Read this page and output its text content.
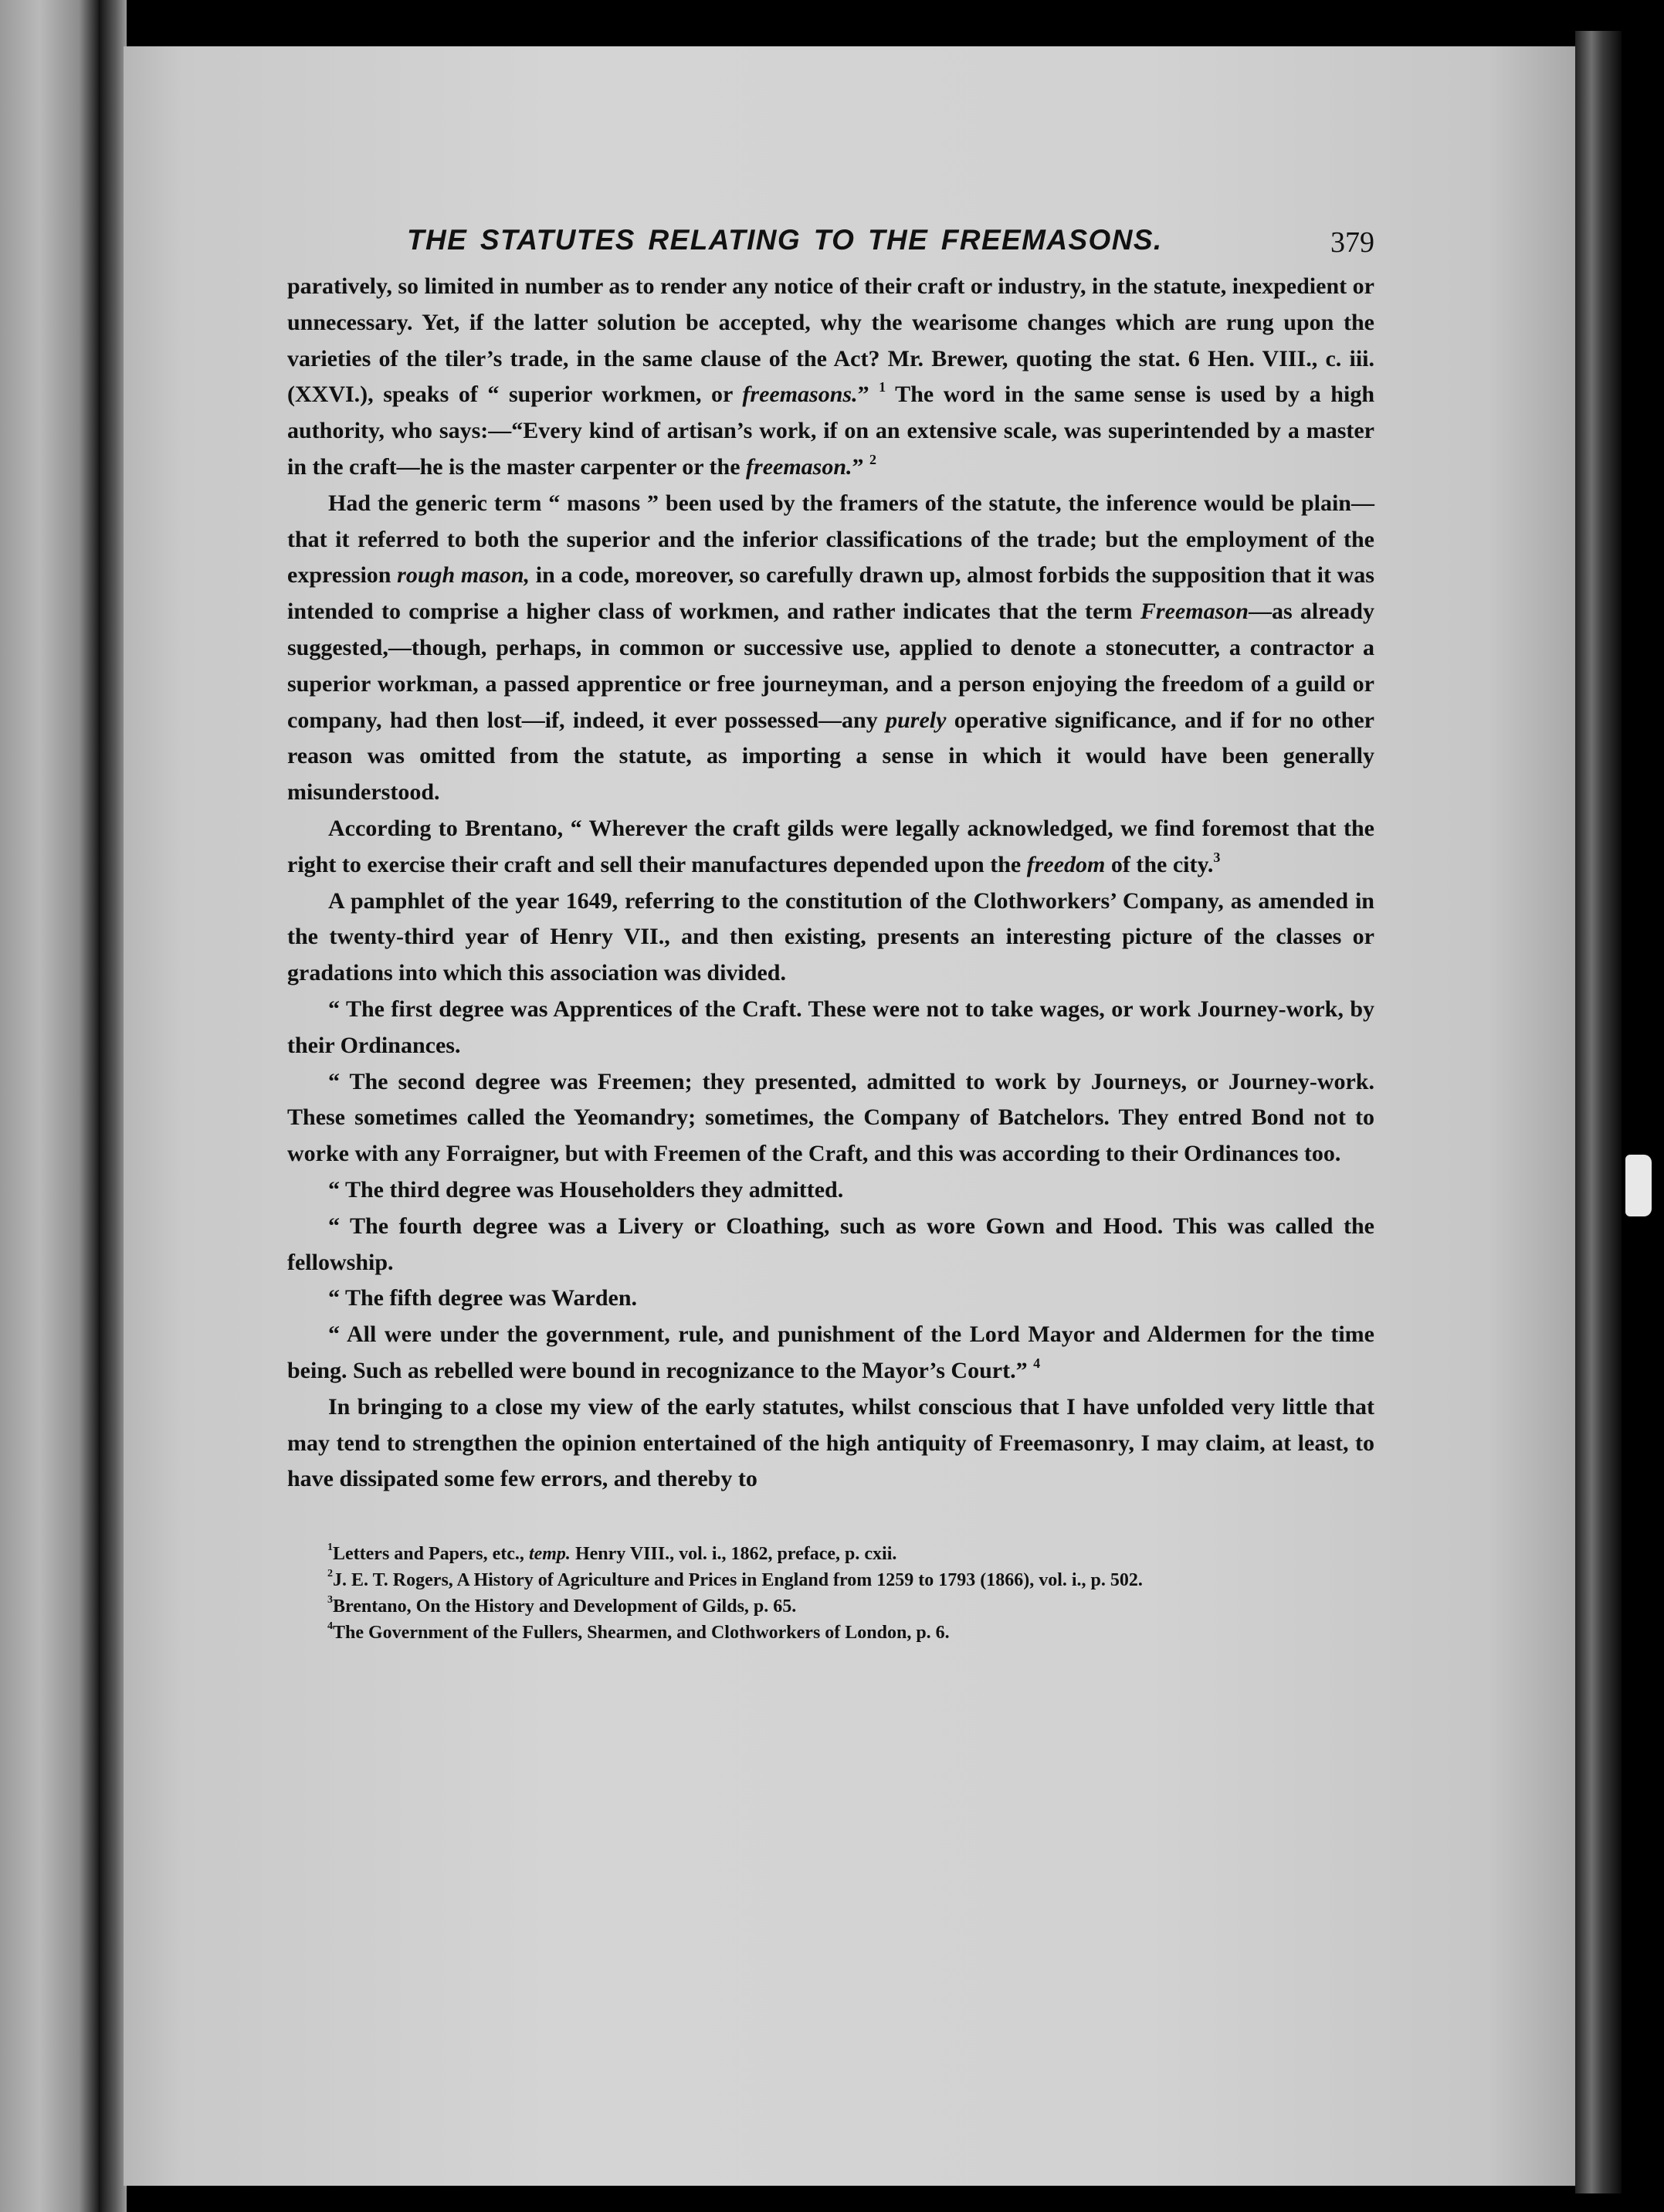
THE STATUTES RELATING TO THE FREEMASONS.	379

paratively, so limited in number as to render any notice of their craft or industry, in the statute, inexpedient or unnecessary. Yet, if the latter solution be accepted, why the wearisome changes which are rung upon the varieties of the tiler’s trade, in the same clause of the Act? Mr. Brewer, quoting the stat. 6 Hen. VIII., c. iii. (XXVI.), speaks of “ superior workmen, or freemasons.” $^1$ The word in the same sense is used by a high authority, who says:—“Every kind of artisan’s work, if on an extensive scale, was superintended by a master in the craft—he is the master carpenter or the freemason.” $^2$

Had the generic term “ masons ” been used by the framers of the statute, the inference would be plain—that it referred to both the superior and the inferior classifications of the trade; but the employment of the expression rough mason, in a code, moreover, so carefully drawn up, almost forbids the supposition that it was intended to comprise a higher class of workmen, and rather indicates that the term Freemason—as already suggested,—though, perhaps, in common or successive use, applied to denote a stonecutter, a contractor a superior workman, a passed apprentice or free journeyman, and a person enjoying the freedom of a guild or company, had then lost—if, indeed, it ever possessed—any purely operative significance, and if for no other reason was omitted from the statute, as importing a sense in which it would have been generally misunderstood.

According to Brentano, “ Wherever the craft gilds were legally acknowledged, we find foremost that the right to exercise their craft and sell their manufactures depended upon the freedom of the city.$^3$

A pamphlet of the year 1649, referring to the constitution of the Clothworkers’ Company, as amended in the twenty-third year of Henry VII., and then existing, presents an interesting picture of the classes or gradations into which this association was divided.

“ The first degree was Apprentices of the Craft. These were not to take wages, or work Journey-work, by their Ordinances.

“ The second degree was Freemen; they presented, admitted to work by Journeys, or Journey-work. These sometimes called the Yeomandry; sometimes, the Company of Batchelors. They entred Bond not to worke with any Forraigner, but with Freemen of the Craft, and this was according to their Ordinances too.

“ The third degree was Householders they admitted.

“ The fourth degree was a Livery or Cloathing, such as wore Gown and Hood. This was called the fellowship.

“ The fifth degree was Warden.

“ All were under the government, rule, and punishment of the Lord Mayor and Aldermen for the time being. Such as rebelled were bound in recognizance to the Mayor’s Court.” $^4$

In bringing to a close my view of the early statutes, whilst conscious that I have unfolded very little that may tend to strengthen the opinion entertained of the high antiquity of Freemasonry, I may claim, at least, to have dissipated some few errors, and thereby to

$^1$Letters and Papers, etc., temp. Henry VIII., vol. i., 1862, preface, p. cxii.

$^2$J. E. T. Rogers, A History of Agriculture and Prices in England from 1259 to 1793 (1866), vol. i., p. 502.

$^3$Brentano, On the History and Development of Gilds, p. 65.

$^4$The Government of the Fullers, Shearmen, and Clothworkers of London, p. 6.
